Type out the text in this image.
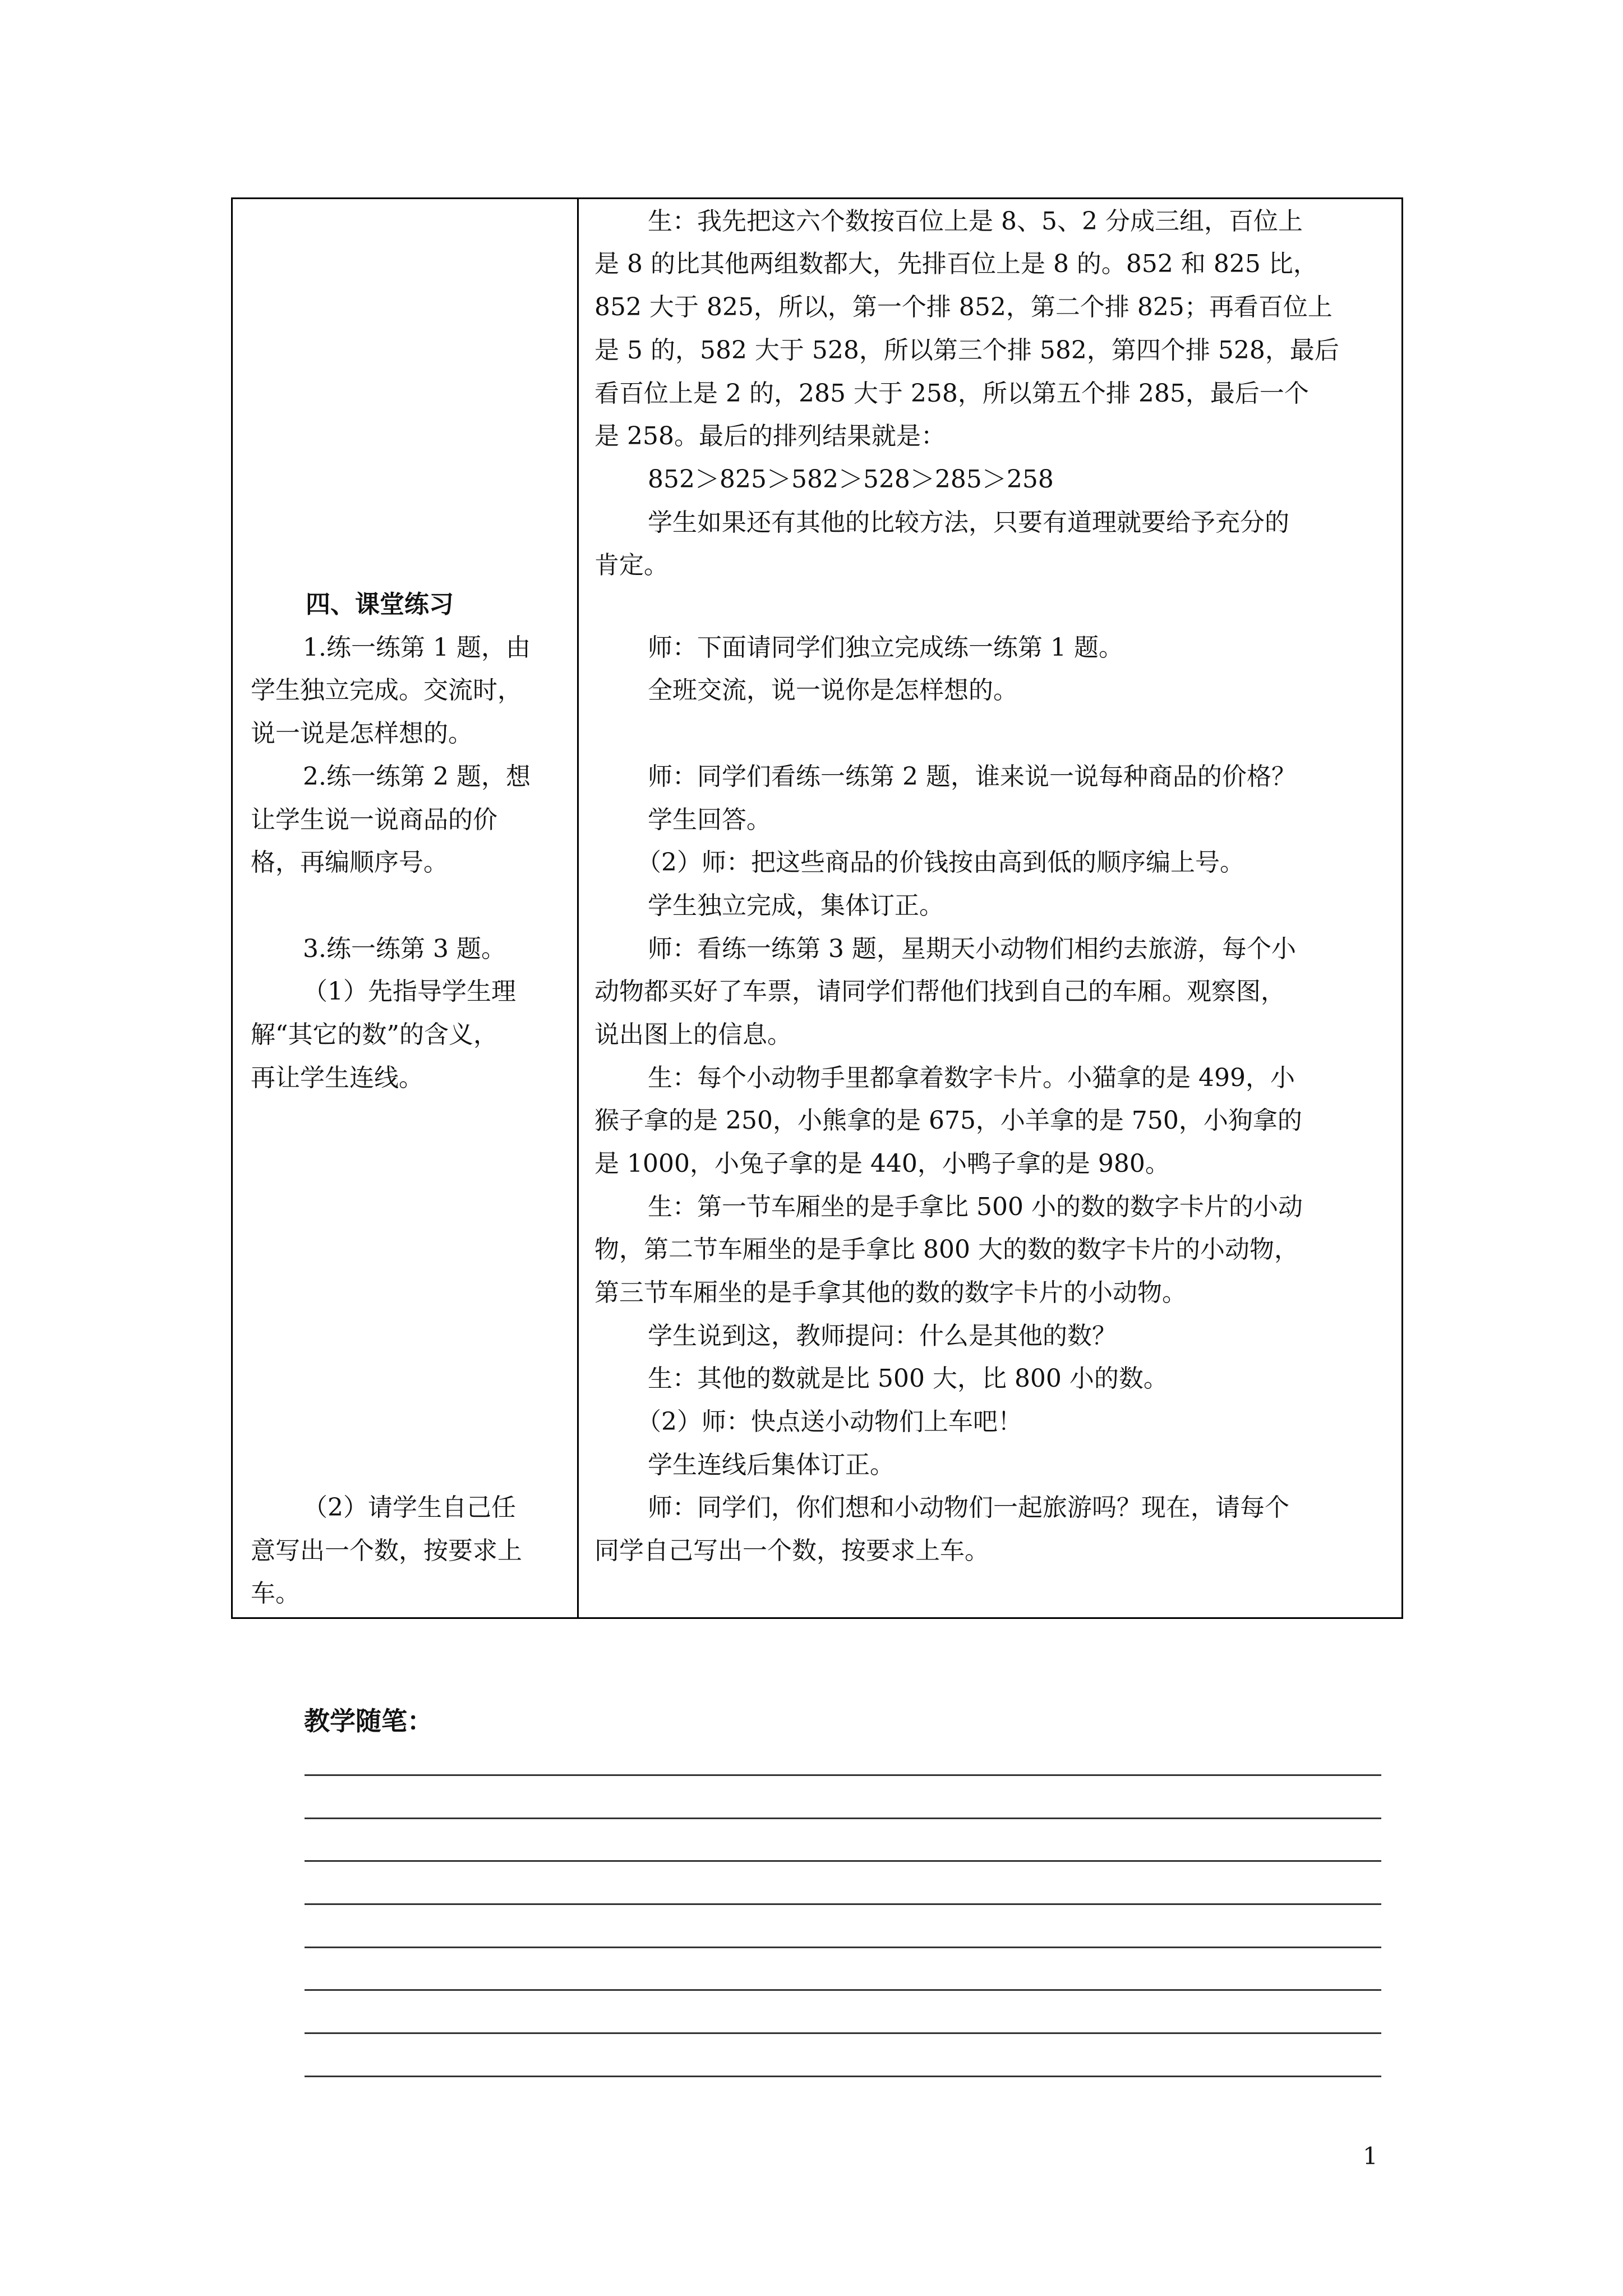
四、课堂练习

1.练一练第 1 题，由

学生独立完成。交流时，

说一说是怎样想的。

2.练一练第 2 题，想

让学生说一说商品的价

格，再编顺序号。

3.练一练第 3 题。

（1）先指导学生理

解“其它的数”的含义，

再让学生连线。

（2）请学生自己任

意写出一个数，按要求上

车。

生：我先把这六个数按百位上是 8、5、2 分成三组，百位上

是 8 的比其他两组数都大，先排百位上是 8 的。852 和 825 比，

852 大于 825，所以，第一个排 852，第二个排 825；再看百位上

是 5 的，582 大于 528，所以第三个排 582，第四个排 528，最后

看百位上是 2 的，285 大于 258，所以第五个排 285，最后一个

是 258。最后的排列结果就是：

852＞825＞582＞528＞285＞258

学生如果还有其他的比较方法，只要有道理就要给予充分的

肯定。

师：下面请同学们独立完成练一练第 1 题。

全班交流，说一说你是怎样想的。

师：同学们看练一练第 2 题，谁来说一说每种商品的价格？

学生回答。

（2）师：把这些商品的价钱按由高到低的顺序编上号。

学生独立完成，集体订正。

师：看练一练第 3 题，星期天小动物们相约去旅游，每个小

动物都买好了车票，请同学们帮他们找到自己的车厢。观察图，

说出图上的信息。

生：每个小动物手里都拿着数字卡片。小猫拿的是 499，小

猴子拿的是 250，小熊拿的是 675，小羊拿的是 750，小狗拿的

是 1000，小兔子拿的是 440，小鸭子拿的是 980。

生：第一节车厢坐的是手拿比 500 小的数的数字卡片的小动

物，第二节车厢坐的是手拿比 800 大的数的数字卡片的小动物，

第三节车厢坐的是手拿其他的数的数字卡片的小动物。

学生说到这，教师提问：什么是其他的数？

生：其他的数就是比 500 大，比 800 小的数。

（2）师：快点送小动物们上车吧！

学生连线后集体订正。

师：同学们，你们想和小动物们一起旅游吗？现在，请每个

同学自己写出一个数，按要求上车。

教学随笔：

1
